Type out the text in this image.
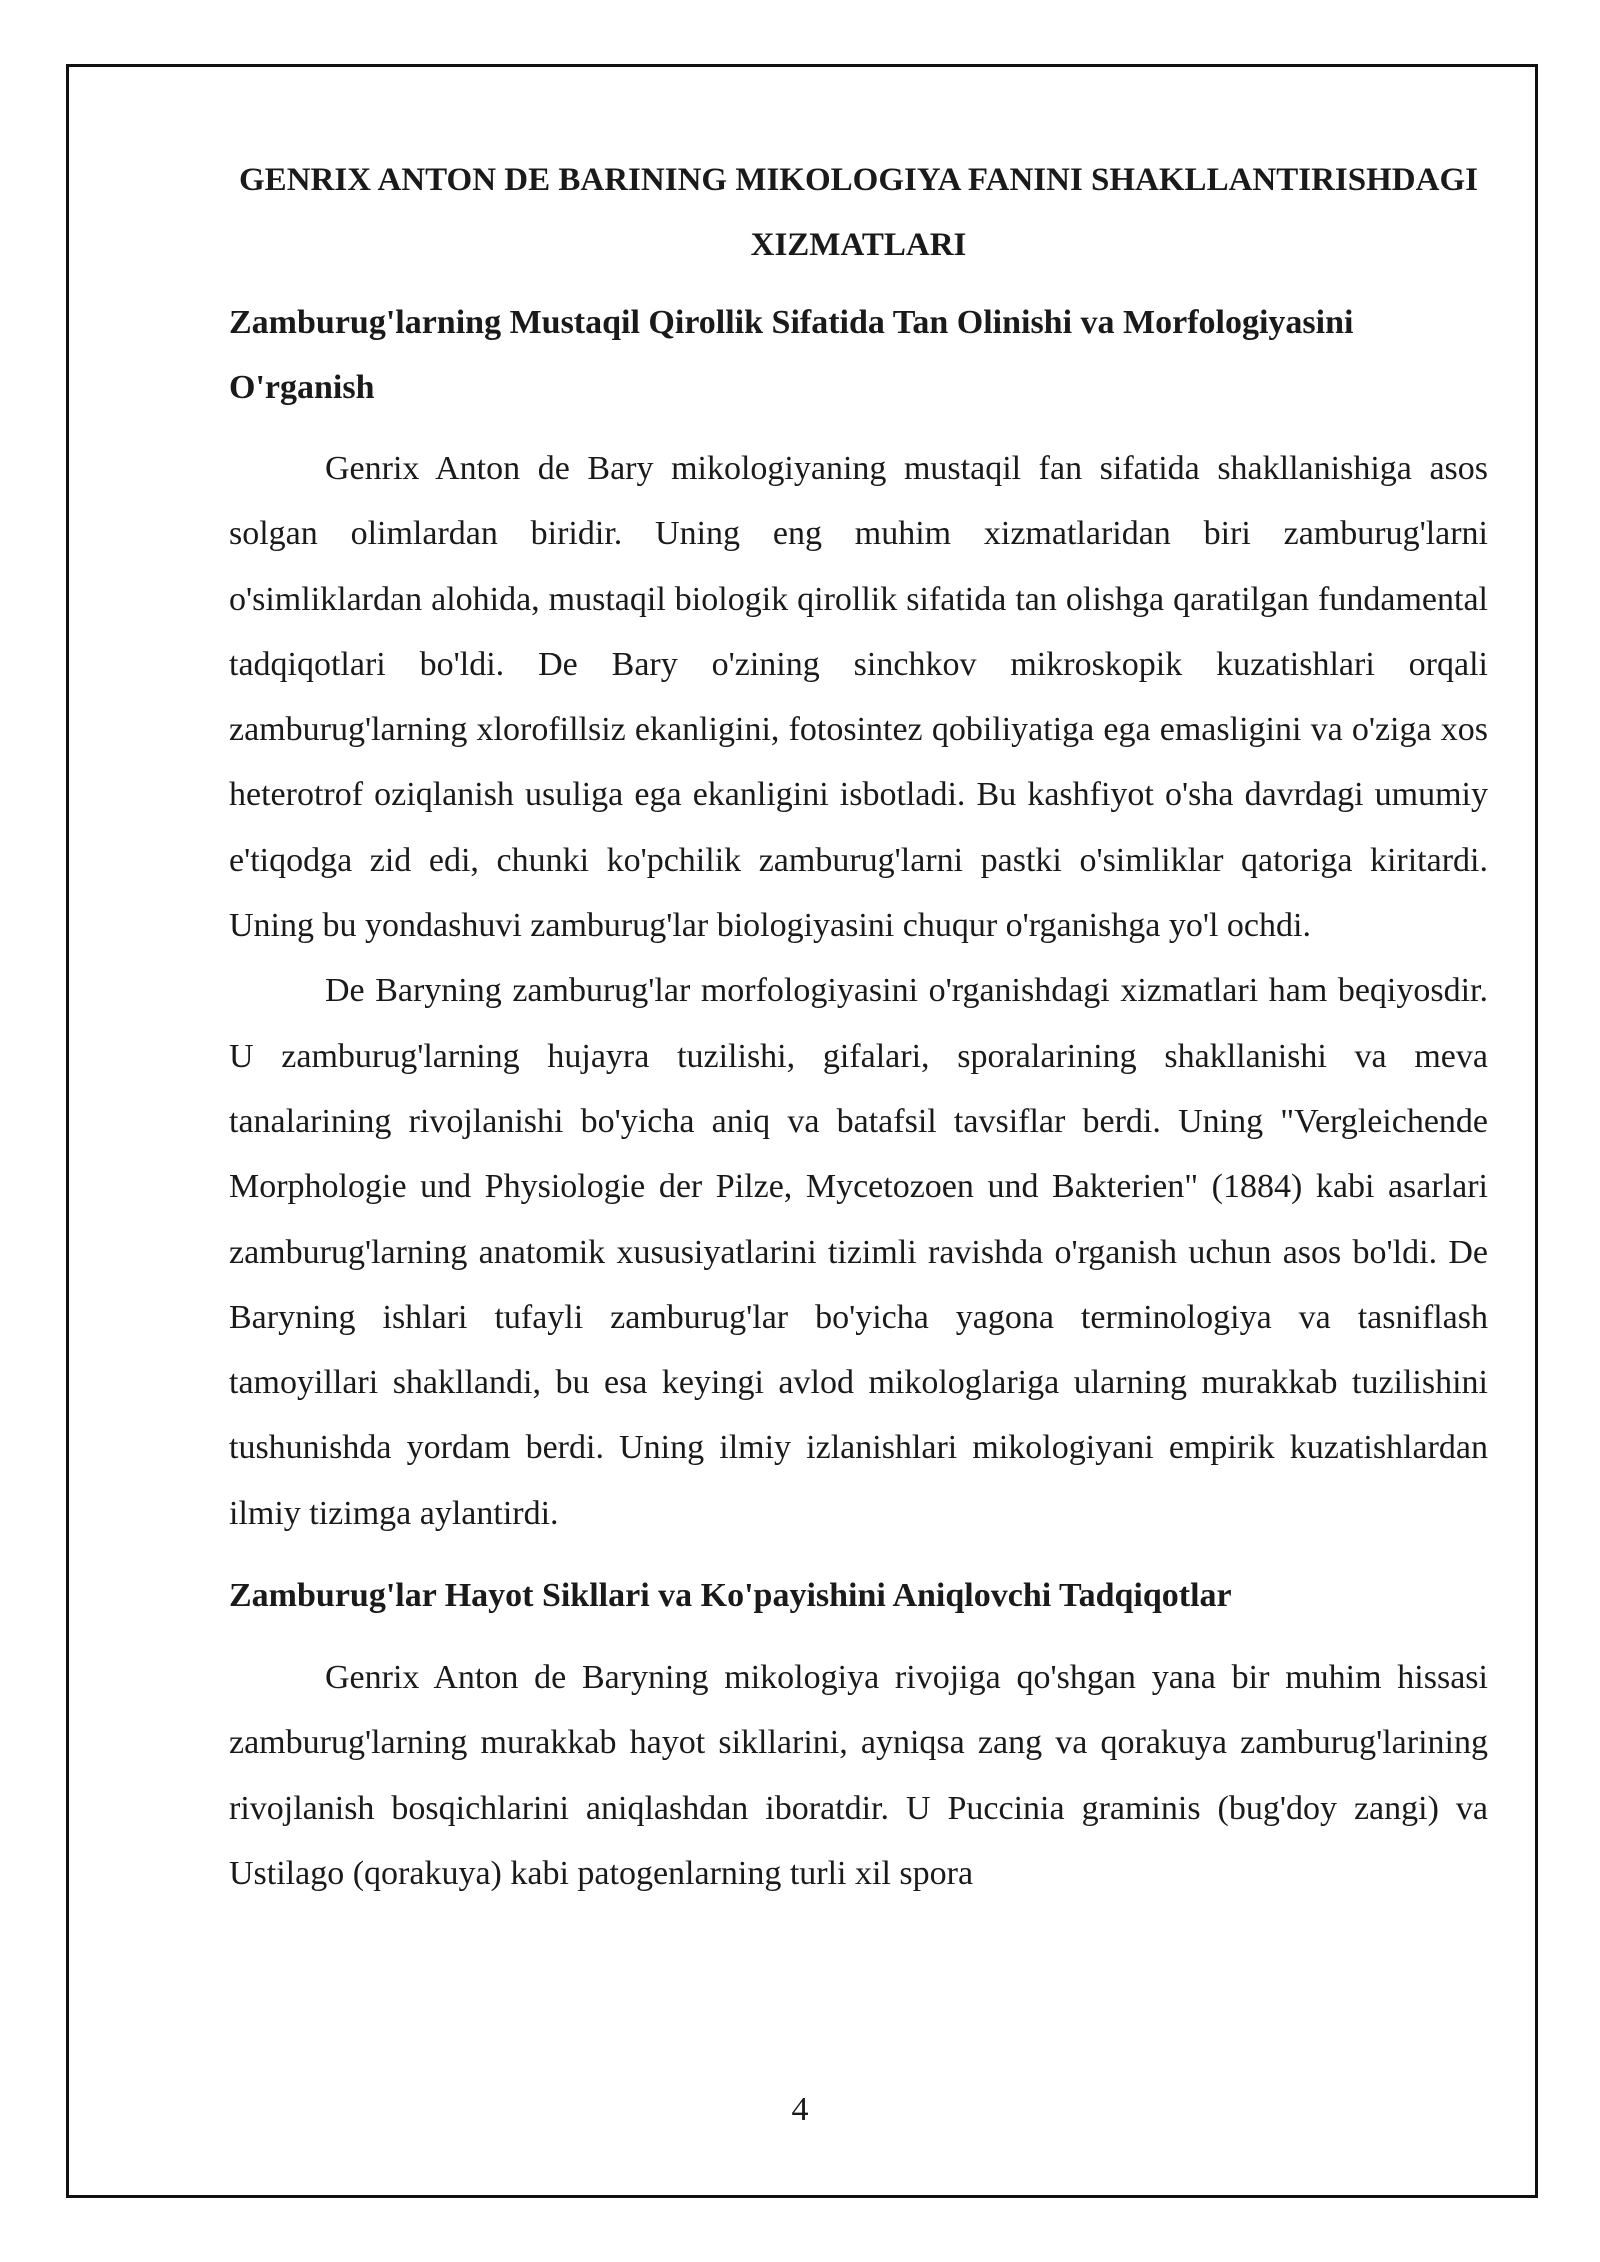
GENRIX ANTON DE BARINING MIKOLOGIYA FANINI SHAKLLANTIRISHDAGI XIZMATLARI

Zamburug'larning Mustaqil Qirollik Sifatida Tan Olinishi va Morfologiyasini O'rganish

Genrix Anton de Bary mikologiyaning mustaqil fan sifatida shakllanishiga asos solgan olimlardan biridir. Uning eng muhim xizmatlaridan biri zamburug'larni o'simliklardan alohida, mustaqil biologik qirollik sifatida tan olishga qaratilgan fundamental tadqiqotlari bo'ldi. De Bary o'zining sinchkov mikroskopik kuzatishlari orqali zamburug'larning xlorofillsiz ekanligini, fotosintez qobiliyatiga ega emasligini va o'ziga xos heterotrof oziqlanish usuliga ega ekanligini isbotladi. Bu kashfiyot o'sha davrdagi umumiy e'tiqodga zid edi, chunki ko'pchilik zamburug'larni pastki o'simliklar qatoriga kiritardi. Uning bu yondashuvi zamburug'lar biologiyasini chuqur o'rganishga yo'l ochdi.

De Baryning zamburug'lar morfologiyasini o'rganishdagi xizmatlari ham beqiyosdir. U zamburug'larning hujayra tuzilishi, gifalari, sporalarining shakllanishi va meva tanalarining rivojlanishi bo'yicha aniq va batafsil tavsiflar berdi. Uning "Vergleichende Morphologie und Physiologie der Pilze, Mycetozoen und Bakterien" (1884) kabi asarlari zamburug'larning anatomik xususiyatlarini tizimli ravishda o'rganish uchun asos bo'ldi. De Baryning ishlari tufayli zamburug'lar bo'yicha yagona terminologiya va tasniflash tamoyillari shakllandi, bu esa keyingi avlod mikologlariga ularning murakkab tuzilishini tushunishda yordam berdi. Uning ilmiy izlanishlari mikologiyani empirik kuzatishlardan ilmiy tizimga aylantirdi.

Zamburug'lar Hayot Sikllari va Ko'payishini Aniqlovchi Tadqiqotlar

Genrix Anton de Baryning mikologiya rivojiga qo'shgan yana bir muhim hissasi zamburug'larning murakkab hayot sikllarini, ayniqsa zang va qorakuya zamburug'larining rivojlanish bosqichlarini aniqlashdan iboratdir. U Puccinia graminis (bug'doy zangi) va Ustilago (qorakuya) kabi patogenlarning turli xil spora

4
